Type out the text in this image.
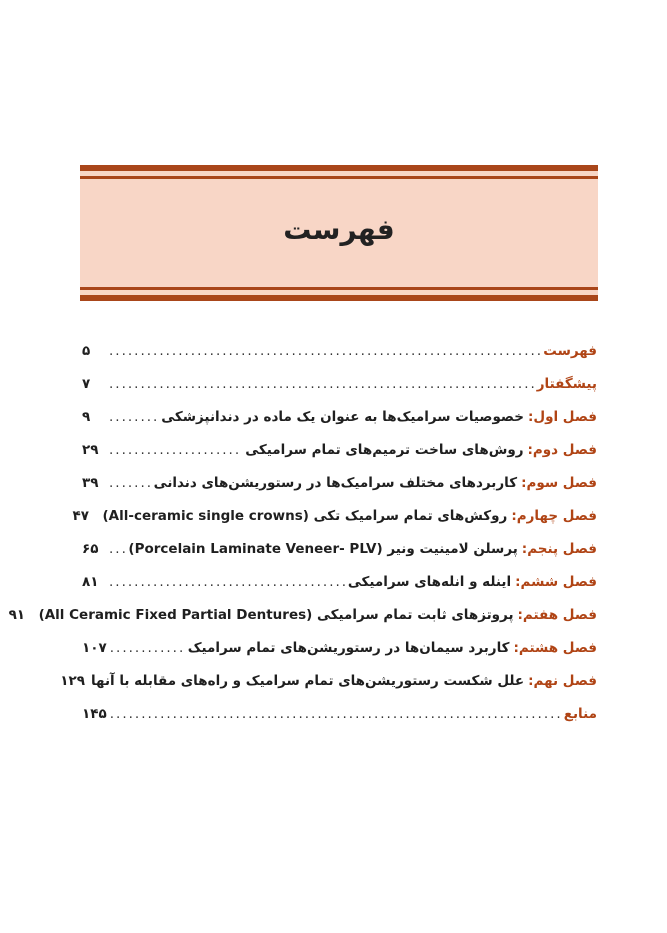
فهرست
فهرست
.....
۵
پیشگفتار
.....
۷
فصل اول
:
خصوصیات سرامیک‌ها به عنوان یک ماده در دندانپزشکی
.....
۹
فصل دوم
:
روش‌های ساخت ترمیم‌های تمام سرامیکی
.....
۲۹
فصل سوم
:
کاربردهای مختلف سرامیک‌ها در رستوریشن‌های دندانی
.....
۳۹
فصل چهارم
:
روکش‌های تمام سرامیک تکی (All-ceramic single crowns)
۴۷
فصل پنجم
:
پرسلن لامینیت ونیر (Porcelain Laminate Veneer- PLV)
.....
۶۵
فصل ششم
:
اینله و انله‌های سرامیکی
.....
۸۱
فصل هفتم
:
پروتزهای ثابت تمام سرامیکی (All Ceramic Fixed Partial Dentures)
۹۱
فصل هشتم
:
کاربرد سیمان‌ها در رستوریشن‌های تمام سرامیک
.....
۱۰۷
فصل نهم
:
علل شکست رستوریشن‌های تمام سرامیک و راه‌های مقابله با آنها
۱۲۹
منابع
.....
۱۴۵
